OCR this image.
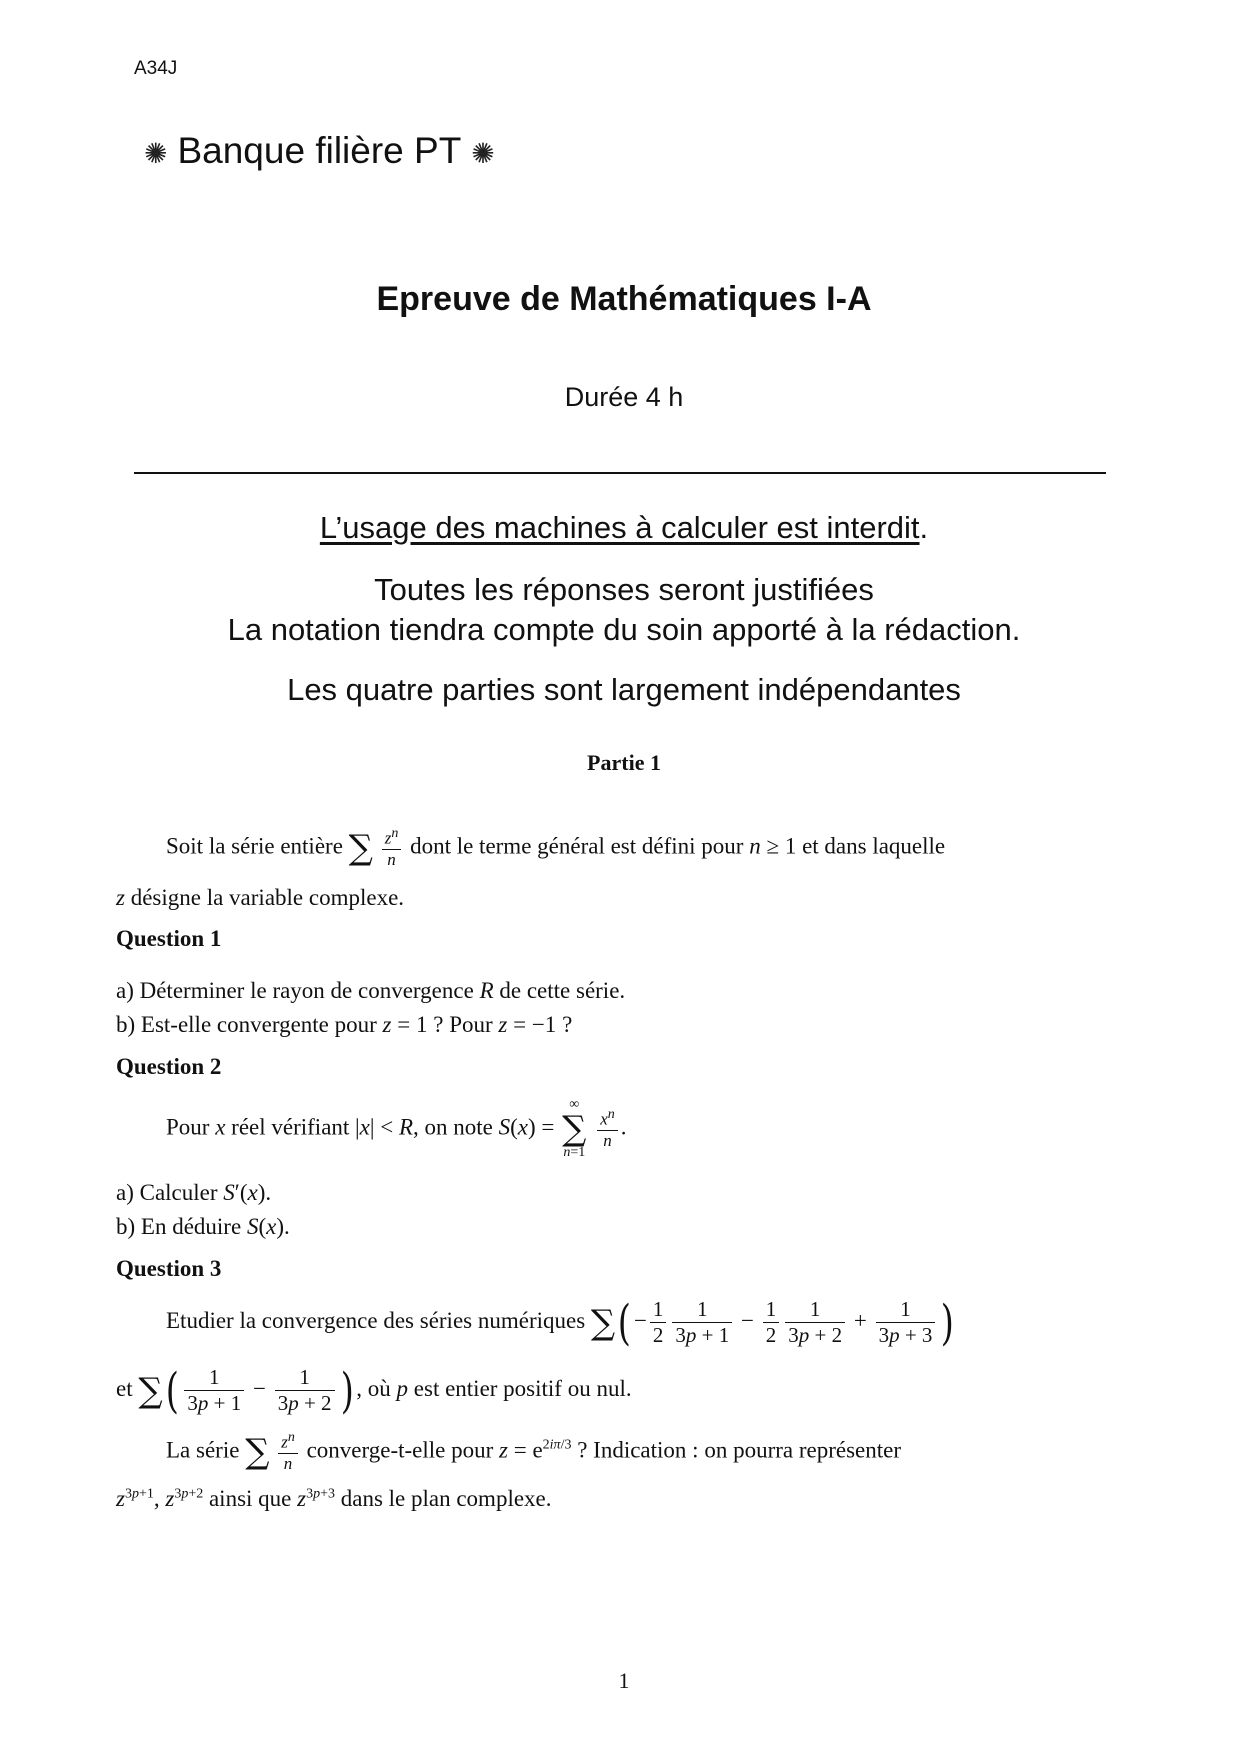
A34J
✺ Banque filière PT ✺
Epreuve de Mathématiques I-A
Durée 4 h
L’usage des machines à calculer est interdit.
Toutes les réponses seront justifiées
La notation tiendra compte du soin apporté à la rédaction.
Les quatre parties sont largement indépendantes
Partie 1
Soit la série entière ∑ $\frac{z^n}{n}$ dont le terme général est défini pour n ≥ 1 et dans laquelle
z désigne la variable complexe.
Question 1
a) Déterminer le rayon de convergence R de cette série.
b) Est-elle convergente pour z = 1 ? Pour z = −1 ?
Question 2
Pour x réel vérifiant |x| < R, on note S(x) =
∞
∑
n=1

$\frac{x^n}{n}$ .
a) Calculer S′(x).
b) En déduire S(x).
Question 3
Etudier la convergence des séries numériques ∑( − $\frac{1}{2} \frac{1}{3p + 1} - \frac{1}{2} \frac{1}{3p + 2} + \frac{1}{3p + 3}$ )
et ∑( $\frac{1}{3p + 1} - \frac{1}{3p + 2}$ ) , où p est entier positif ou nul.
La série ∑ $\frac{z^n}{n}$ converge-t-elle pour $z = e^{2i\pi/3}$ ? Indication : on pourra représenter
$z^{3p+1}$, $z^{3p+2}$ ainsi que $z^{3p+3}$ dans le plan complexe.
1
